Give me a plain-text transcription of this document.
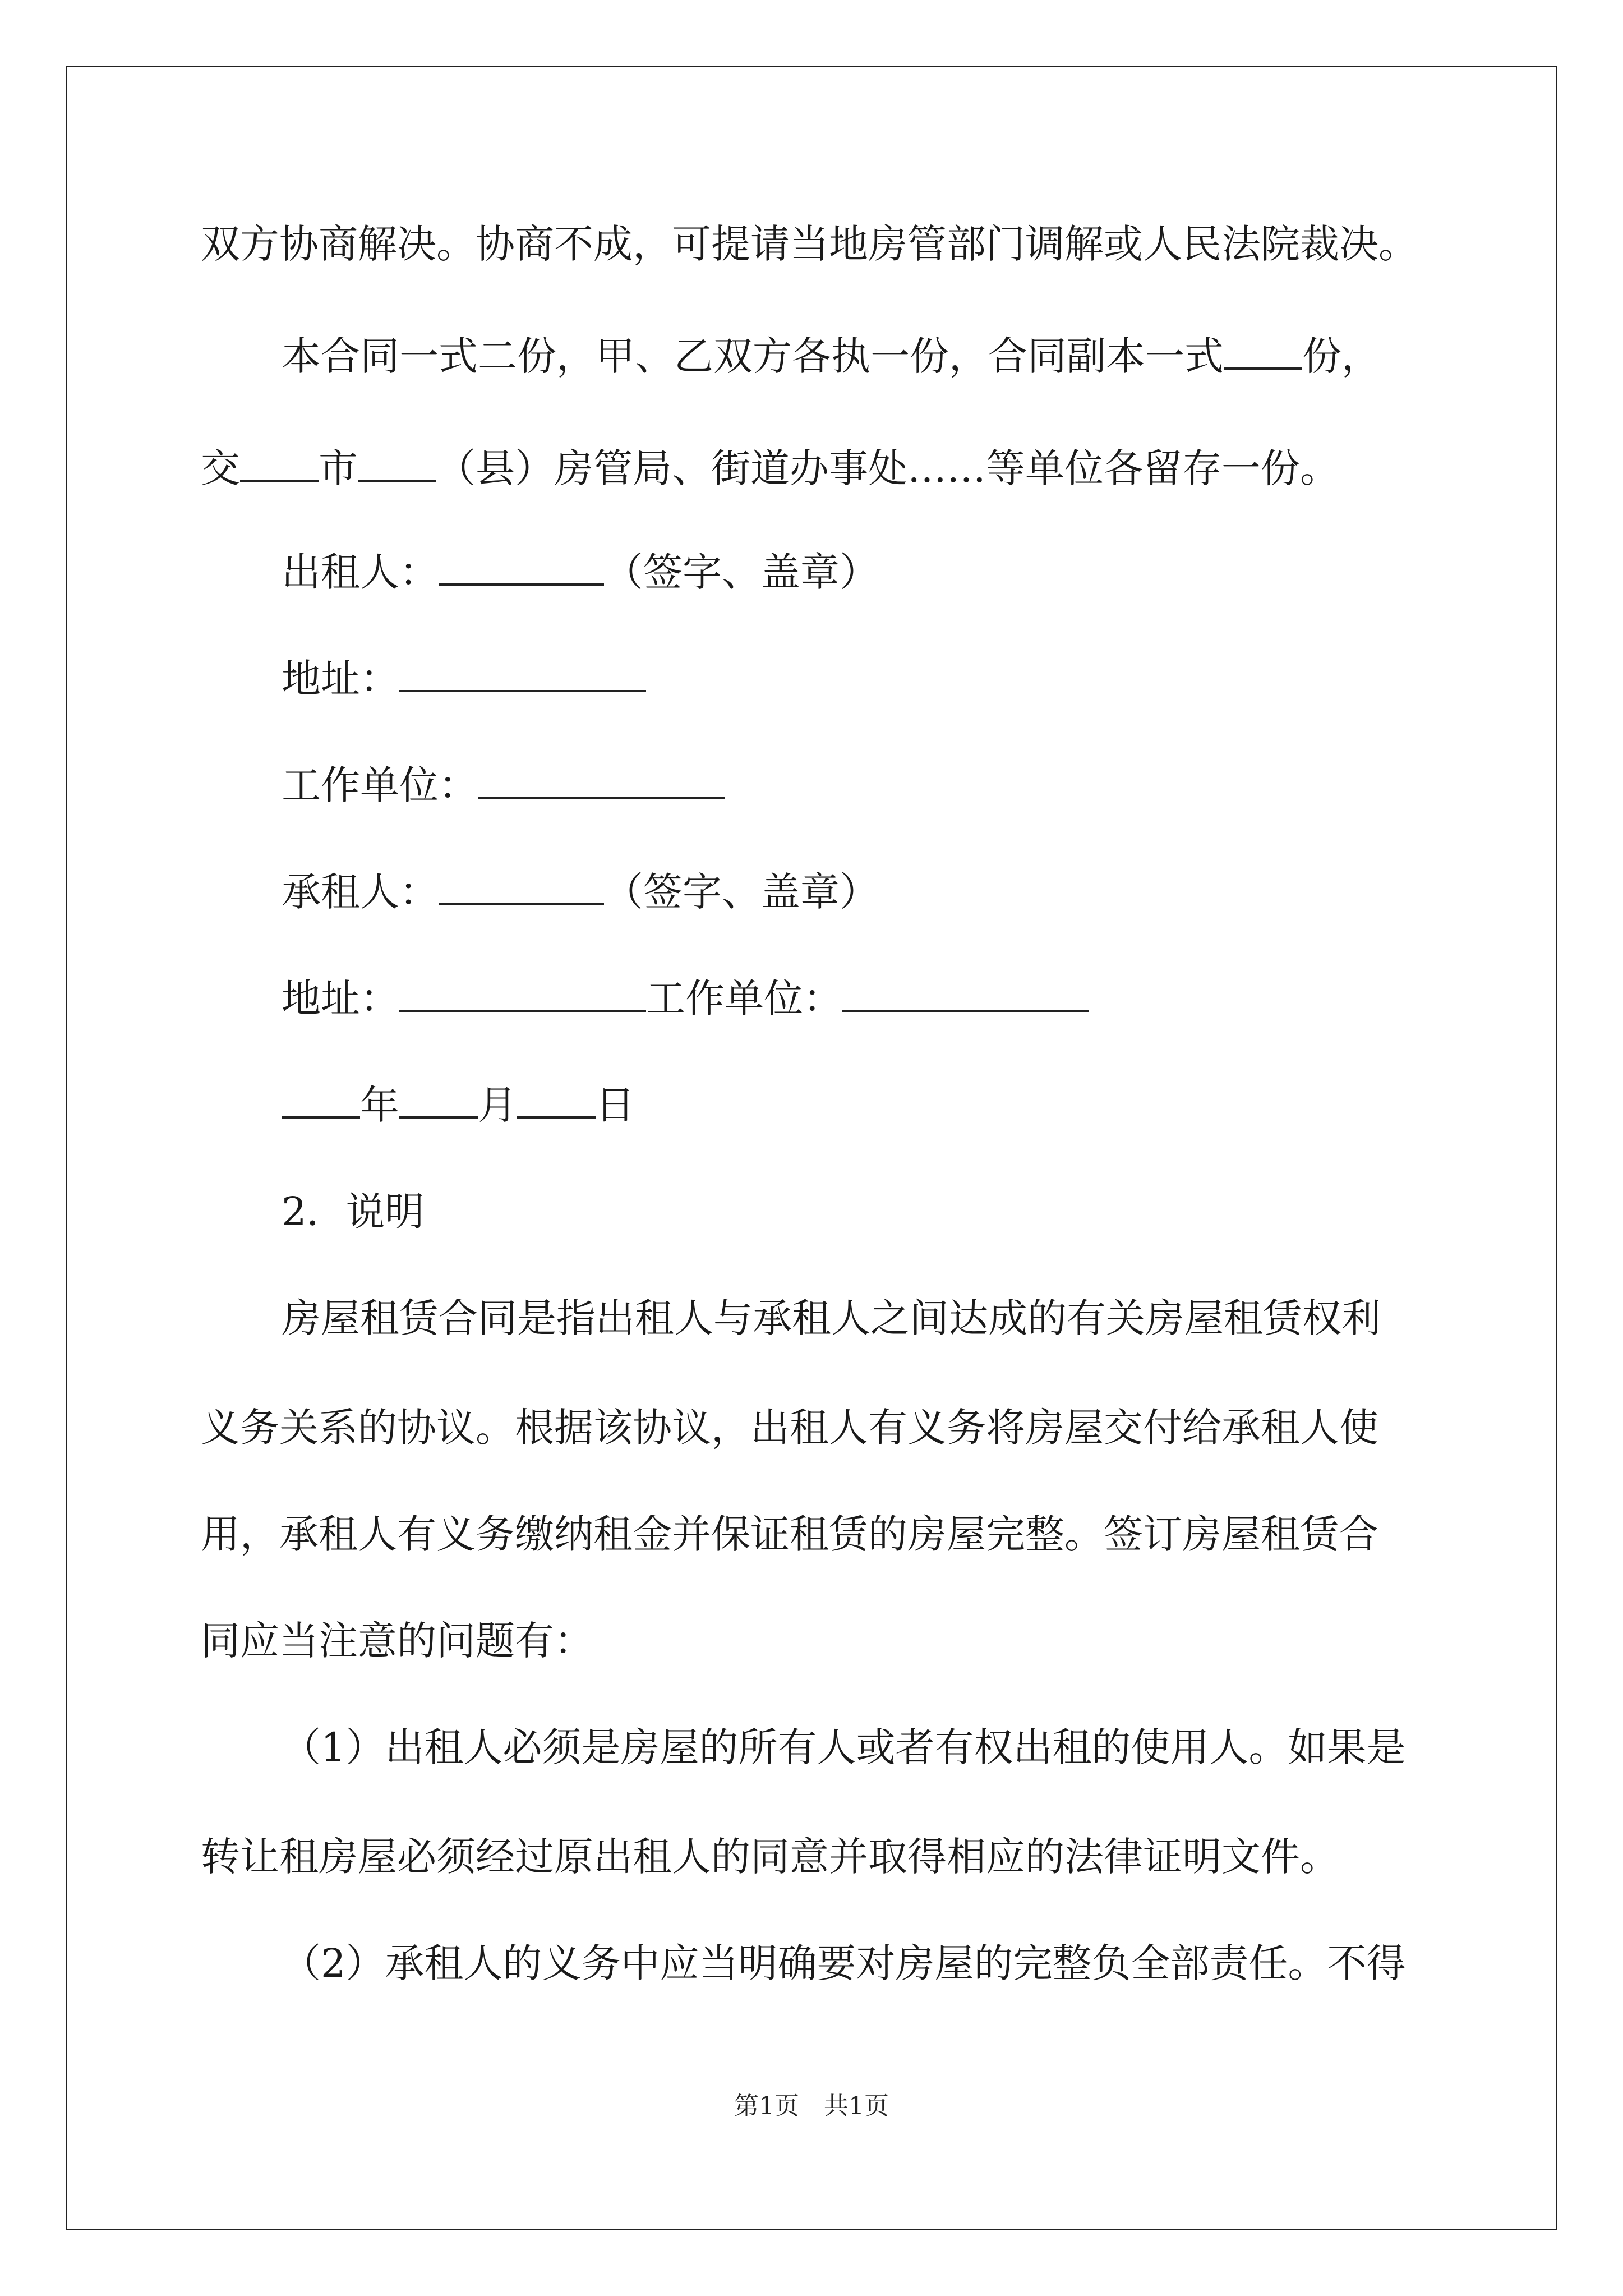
双方协商解决。协商不成，可提请当地房管部门调解或人民法院裁决。
本合同一式二份，甲、乙双方各执一份，合同副本一式 份，
交 市 （县）房管局、街道办事处……等单位各留存一份。
出租人：	（签字、盖章）
地址：
工作单位：
承租人：	（签字、盖章）
地址：	工作单位：
年 月 日
2．说明
房屋租赁合同是指出租人与承租人之间达成的有关房屋租赁权利
义务关系的协议。根据该协议，出租人有义务将房屋交付给承租人使
用，承租人有义务缴纳租金并保证租赁的房屋完整。签订房屋租赁合
同应当注意的问题有：
（1）出租人必须是房屋的所有人或者有权出租的使用人。如果是
转让租房屋必须经过原出租人的同意并取得相应的法律证明文件。
（2）承租人的义务中应当明确要对房屋的完整负全部责任。不得
第1页　共1页
